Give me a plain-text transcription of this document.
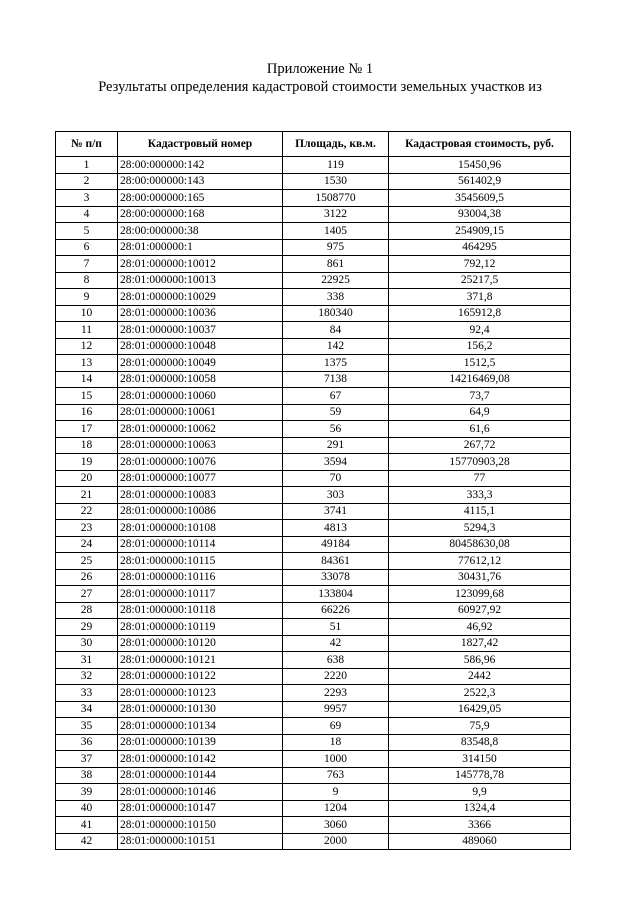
Приложение № 1
Результаты определения кадастровой стоимости земельных участков из
№ п/п	Кадастровый номер	Площадь, кв.м.	Кадастровая стоимость, руб.
1	28:00:000000:142	119	15450,96
2	28:00:000000:143	1530	561402,9
3	28:00:000000:165	1508770	3545609,5
4	28:00:000000:168	3122	93004,38
5	28:00:000000:38	1405	254909,15
6	28:01:000000:1	975	464295
7	28:01:000000:10012	861	792,12
8	28:01:000000:10013	22925	25217,5
9	28:01:000000:10029	338	371,8
10	28:01:000000:10036	180340	165912,8
11	28:01:000000:10037	84	92,4
12	28:01:000000:10048	142	156,2
13	28:01:000000:10049	1375	1512,5
14	28:01:000000:10058	7138	14216469,08
15	28:01:000000:10060	67	73,7
16	28:01:000000:10061	59	64,9
17	28:01:000000:10062	56	61,6
18	28:01:000000:10063	291	267,72
19	28:01:000000:10076	3594	15770903,28
20	28:01:000000:10077	70	77
21	28:01:000000:10083	303	333,3
22	28:01:000000:10086	3741	4115,1
23	28:01:000000:10108	4813	5294,3
24	28:01:000000:10114	49184	80458630,08
25	28:01:000000:10115	84361	77612,12
26	28:01:000000:10116	33078	30431,76
27	28:01:000000:10117	133804	123099,68
28	28:01:000000:10118	66226	60927,92
29	28:01:000000:10119	51	46,92
30	28:01:000000:10120	42	1827,42
31	28:01:000000:10121	638	586,96
32	28:01:000000:10122	2220	2442
33	28:01:000000:10123	2293	2522,3
34	28:01:000000:10130	9957	16429,05
35	28:01:000000:10134	69	75,9
36	28:01:000000:10139	18	83548,8
37	28:01:000000:10142	1000	314150
38	28:01:000000:10144	763	145778,78
39	28:01:000000:10146	9	9,9
40	28:01:000000:10147	1204	1324,4
41	28:01:000000:10150	3060	3366
42	28:01:000000:10151	2000	489060
